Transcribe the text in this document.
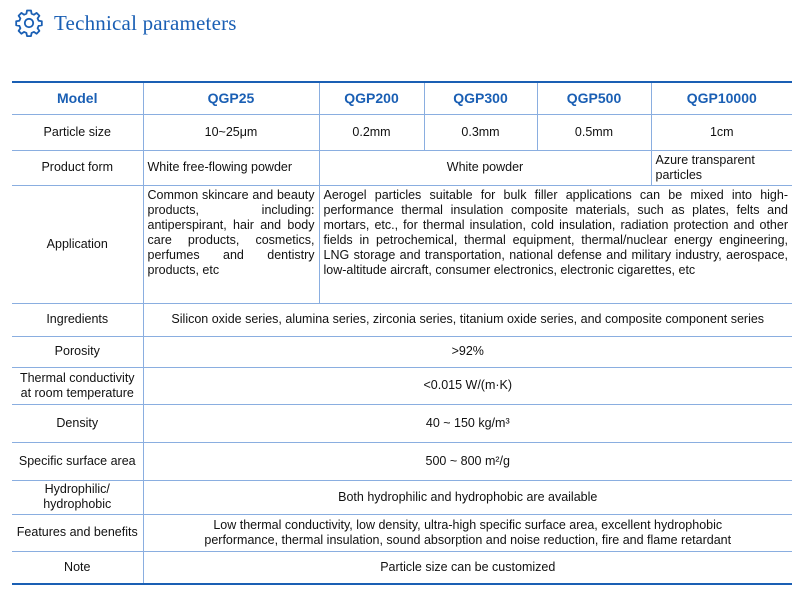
Technical parameters
Model	QGP25	QGP200	QGP300	QGP500	QGP10000
Particle size	10~25μm	0.2mm	0.3mm	0.5mm	1cm
Product form	White free-flowing powder	White powder			Azure transparent particles
Application	Common skincare and beauty products, including: antiperspirant, hair and body care products, cosmetics, perfumes and dentistry products, etc	Aerogel particles suitable for bulk filler applications can be mixed into high-performance thermal insulation composite materials, such as plates, felts and mortars, etc., for thermal insulation, cold insulation, radiation protection and other fields in petrochemical, thermal equipment, thermal/nuclear energy engineering, LNG storage and transportation, national defense and military industry, aerospace, low-altitude aircraft, consumer electronics, electronic cigarettes, etc			
Ingredients	Silicon oxide series, alumina series, zirconia series, titanium oxide series, and composite component series				
Porosity	>92%				
Thermal conductivity
at room temperature	<0.015 W/(m·K)				
Density	40 ~ 150 kg/m³				
Specific surface area	500 ~ 800 m²/g				
Hydrophilic/
hydrophobic	Both hydrophilic and hydrophobic are available				
Features and benefits	Low thermal conductivity, low density, ultra-high specific surface area, excellent hydrophobic
performance, thermal insulation, sound absorption and noise reduction, fire and flame retardant				
Note	Particle size can be customized				
